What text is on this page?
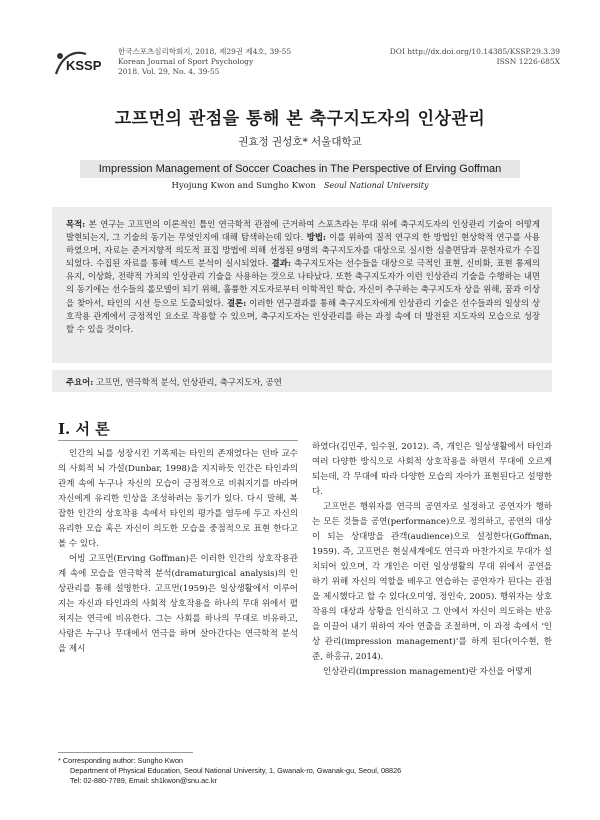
KSSP
한국스포츠심리학회지, 2018, 제29권 제4호, 39-55
Korean Journal of Sport Psychology
2018. Vol. 29, No. 4, 39-55
DOI http://dx.doi.org/10.14385/KSSP.29.3.39
ISSN 1226-685X
고프먼의 관점을 통해 본 축구지도자의 인상관리
권효정 권성호* 서울대학교
Impression Management of Soccer Coaches in The Perspective of Erving Goffman
Hyojung Kwon and Sungho Kwon Seoul National University
목적: 본 연구는 고프먼의 이론적인 틀인 연극학적 관점에 근거하여 스포츠라는 무대 위에 축구지도자의 인상관리 기술이 어떻게 발현되는지, 그 기술의 동기는 무엇인지에 대해 탐색하는데 있다. 방법: 이를 위하여 질적 연구의 한 방법인 현상학적 연구를 사용하였으며, 자료는 준거지향적 의도적 표집 방법에 의해 선정된 9명의 축구지도자를 대상으로 실시한 심층면담과 문헌자료가 수집되었다. 수집된 자료를 통해 텍스트 분석이 실시되었다. 결과: 축구지도자는 선수들을 대상으로 극적인 표현, 신비화, 표현 통제의 유지, 이상화, 전략적 가치의 인상관리 기술을 사용하는 것으로 나타났다. 또한 축구지도자가 이런 인상관리 기술을 수행하는 내면의 동기에는 선수들의 롤모델이 되기 위해, 훌륭한 지도자로부터 이학적인 학습, 자신이 추구하는 축구지도자 상을 위해, 꿈과 이상을 찾아서, 타인의 시선 등으로 도출되었다. 결론: 이러한 연구결과를 통해 축구지도자에게 인상관리 기술은 선수들과의 일상의 상호작용 관계에서 긍정적인 요소로 작용할 수 있으며, 축구지도자는 인상관리를 하는 과정 속에 더 발전된 지도자의 모습으로 성장할 수 있을 것이다.
주요어: 고프먼, 연극학적 분석, 인상관리, 축구지도자, 공연
I. 서 론

인간의 뇌를 성장시킨 기폭제는 타인의 존재였다는 던바 교수의 사회적 뇌 가설(Dunbar, 1998)을 지지하듯 인간은 타인과의 관계 속에 누구나 자신의 모습이 긍정적으로 비춰지기를 바라며 자신에게 유리한 인상을 조성하려는 동기가 있다. 다시 말해, 복잡한 인간의 상호작용 속에서 타인의 평가를 염두에 두고 자신의 유리한 모습 혹은 자신이 의도한 모습을 중점적으로 표현 한다고 볼 수 있다.

어빙 고프먼(Erving Goffman)은 이러한 인간의 상호작용관계 속에 모습을 연극학적 분석(dramaturgical analysis)의 인상관리를 통해 설명한다. 고프먼(1959)은 일상생활에서 이루어지는 자신과 타인과의 사회적 상호작용을 하나의 무대 위에서 펼쳐지는 연극에 비유한다. 그는 사회를 하나의 무대로 비유하고, 사람은 누구나 무대에서 연극을 하며 살아간다는 연극학적 분석을 제시

하였다(김민주, 임수원, 2012). 즉, 개인은 일상생활에서 타인과 여러 다양한 방식으로 사회적 상호작용을 하면서 무대에 오르게 되는데, 각 무대에 따라 다양한 모습의 자아가 표현된다고 설명한다.

고프먼은 행위자를 연극의 공연자로 설정하고 공연자가 행하는 모든 것들을 공연(performance)으로 정의하고, 공연의 대상이 되는 상대방을 관객(audience)으로 설정한다(Goffman, 1959). 즉, 고프먼은 현실세계에도 연극과 마찬가지로 무대가 설치되어 있으며, 각 개인은 이런 일상생활의 무대 위에서 공연을 하기 위해 자신의 역할을 배우고 연습하는 공연자가 된다는 관점을 제시했다고 할 수 있다(오미영, 정인숙, 2005). 행위자는 상호작용의 대상과 상황을 인식하고 그 안에서 자신이 의도하는 반응을 이끌어 내기 위하여 자아 연출을 조절하며, 이 과정 속에서 ‘인상 관리(impression management)’를 하게 된다(이수현, 한준, 하홍규, 2014).

인상관리(impression management)란 자신을 어떻게

* Corresponding author: Sungho Kwon
Department of Physical Education, Seoul National University, 1, Gwanak-ro, Gwanak-gu, Seoul, 08826
Tel: 02-880-7789, Email: sh1kwon@snu.ac.kr
